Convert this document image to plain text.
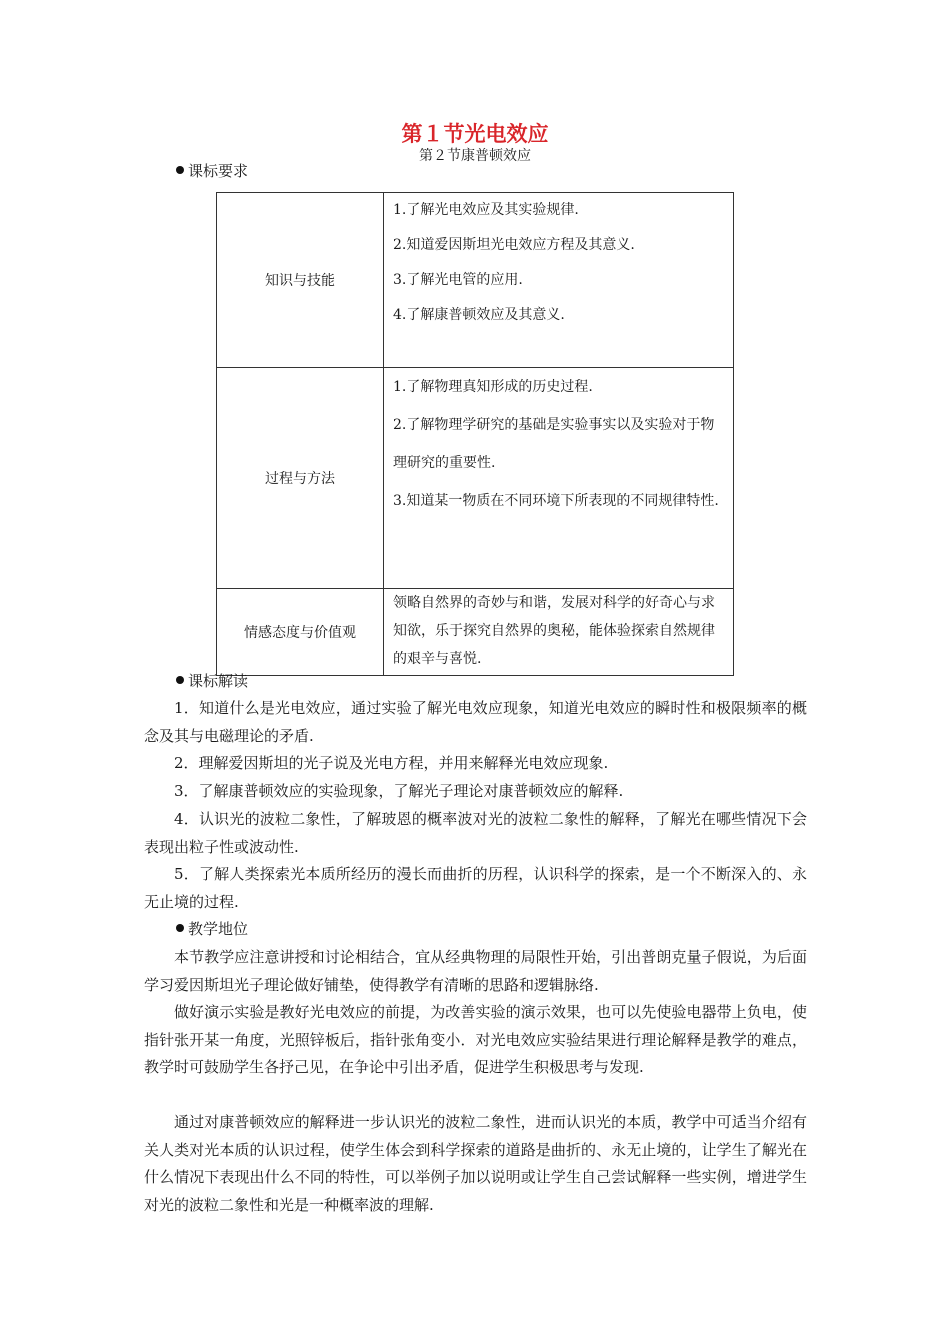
第１节光电效应

第２节康普顿效应

课标要求

知识与技能	1.了解光电效应及其实验规律.

2.知道爱因斯坦光电效应方程及其意义.

3.了解光电管的应用.

4.了解康普顿效应及其意义.

过程与方法	1.了解物理真知形成的历史过程.

2.了解物理学研究的基础是实验事实以及实验对于物理研究的重要性.

3.知道某一物质在不同环境下所表现的不同规律特性.

情感态度与价值观	领略自然界的奇妙与和谐，发展对科学的好奇心与求知欲，乐于探究自然界的奥秘，能体验探索自然规律的艰辛与喜悦.

课标解读

1．知道什么是光电效应，通过实验了解光电效应现象，知道光电效应的瞬时性和极限频率的概念及其与电磁理论的矛盾.

2．理解爱因斯坦的光子说及光电方程，并用来解释光电效应现象.

3．了解康普顿效应的实验现象，了解光子理论对康普顿效应的解释.

4．认识光的波粒二象性，了解玻恩的概率波对光的波粒二象性的解释，了解光在哪些情况下会表现出粒子性或波动性.

5．了解人类探索光本质所经历的漫长而曲折的历程，认识科学的探索，是一个不断深入的、永无止境的过程.

教学地位

本节教学应注意讲授和讨论相结合，宜从经典物理的局限性开始，引出普朗克量子假说，为后面学习爱因斯坦光子理论做好铺垫，使得教学有清晰的思路和逻辑脉络.

做好演示实验是教好光电效应的前提，为改善实验的演示效果，也可以先使验电器带上负电，使指针张开某一角度，光照锌板后，指针张角变小．对光电效应实验结果进行理论解释是教学的难点，教学时可鼓励学生各抒己见，在争论中引出矛盾，促进学生积极思考与发现.

通过对康普顿效应的解释进一步认识光的波粒二象性，进而认识光的本质，教学中可适当介绍有关人类对光本质的认识过程，使学生体会到科学探索的道路是曲折的、永无止境的，让学生了解光在什么情况下表现出什么不同的特性，可以举例子加以说明或让学生自己尝试解释一些实例，增进学生对光的波粒二象性和光是一种概率波的理解.
